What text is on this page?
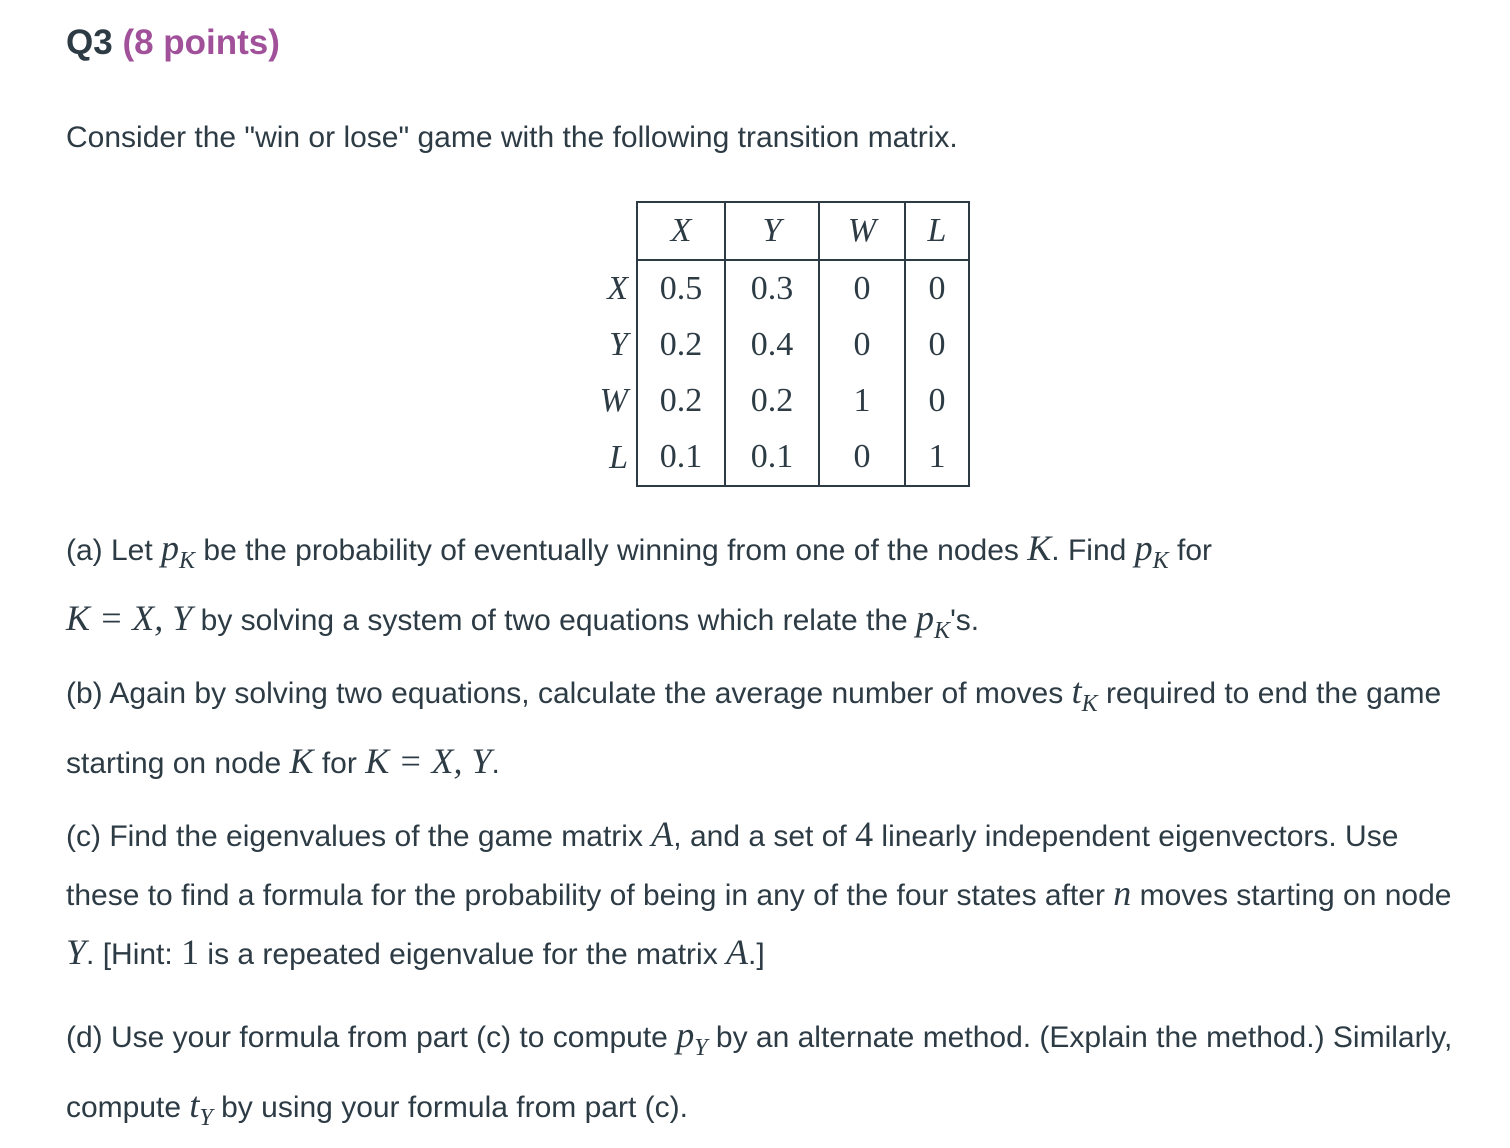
Q3 (8 points)

Consider the "win or lose" game with the following transition matrix.

	X	Y	W	L
X	0.5	0.3	0	0
Y	0.2	0.4	0	0
W	0.2	0.2	1	0
L	0.1	0.1	0	1

(a) Let $p_K$ be the probability of eventually winning from one of the nodes K. Find $p_K$ for
K = X, Y by solving a system of two equations which relate the $p_K's$.

(b) Again by solving two equations, calculate the average number of moves $t_K$ required to end the game starting on node K for K = X, Y.

(c) Find the eigenvalues of the game matrix A, and a set of 4 linearly independent eigenvectors. Use these to find a formula for the probability of being in any of the four states after n moves starting on node Y. [Hint: 1 is a repeated eigenvalue for the matrix A.]

(d) Use your formula from part (c) to compute $p_Y$ by an alternate method. (Explain the method.) Similarly, compute $t_Y$ by using your formula from part (c).
